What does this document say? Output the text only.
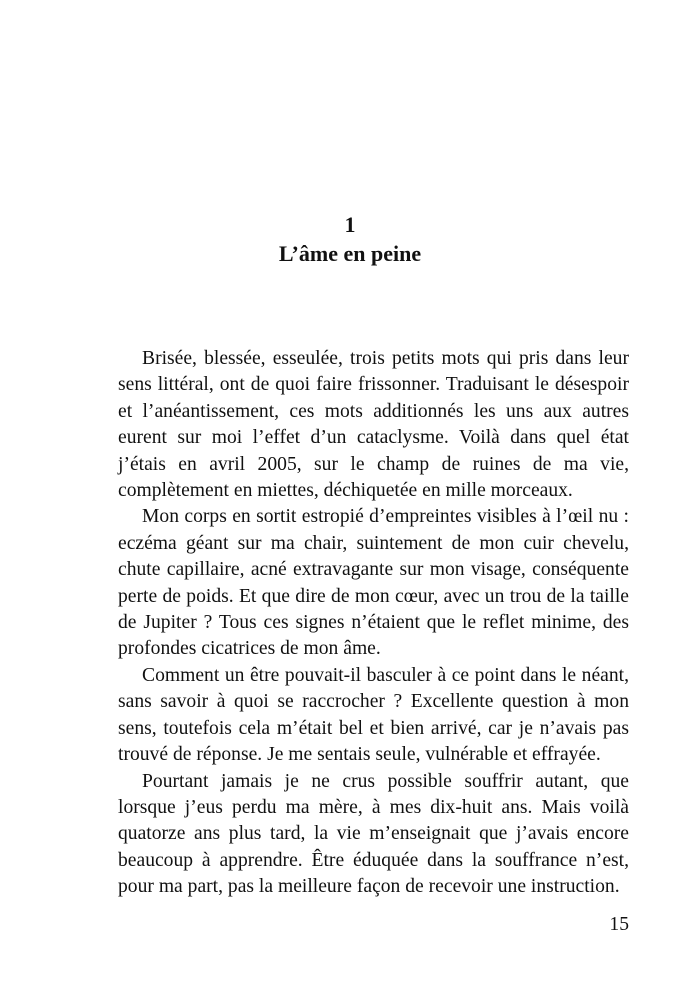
1
L’âme en peine
Brisée, blessée, esseulée, trois petits mots qui pris dans leur
sens littéral, ont de quoi faire frissonner. Traduisant le désespoir
et l’anéantissement, ces mots additionnés les uns aux autres
eurent sur moi l’effet d’un cataclysme. Voilà dans quel état
j’étais en avril 2005, sur le champ de ruines de ma vie,
complètement en miettes, déchiquetée en mille morceaux.
Mon corps en sortit estropié d’empreintes visibles à l’œil nu :
eczéma géant sur ma chair, suintement de mon cuir chevelu,
chute capillaire, acné extravagante sur mon visage, conséquente
perte de poids. Et que dire de mon cœur, avec un trou de la taille
de Jupiter ? Tous ces signes n’étaient que le reflet minime, des
profondes cicatrices de mon âme.
Comment un être pouvait-il basculer à ce point dans le néant,
sans savoir à quoi se raccrocher ? Excellente question à mon
sens, toutefois cela m’était bel et bien arrivé, car je n’avais pas
trouvé de réponse. Je me sentais seule, vulnérable et effrayée.
Pourtant jamais je ne crus possible souffrir autant, que
lorsque j’eus perdu ma mère, à mes dix-huit ans. Mais voilà
quatorze ans plus tard, la vie m’enseignait que j’avais encore
beaucoup à apprendre. Être éduquée dans la souffrance n’est,
pour ma part, pas la meilleure façon de recevoir une instruction.
15
